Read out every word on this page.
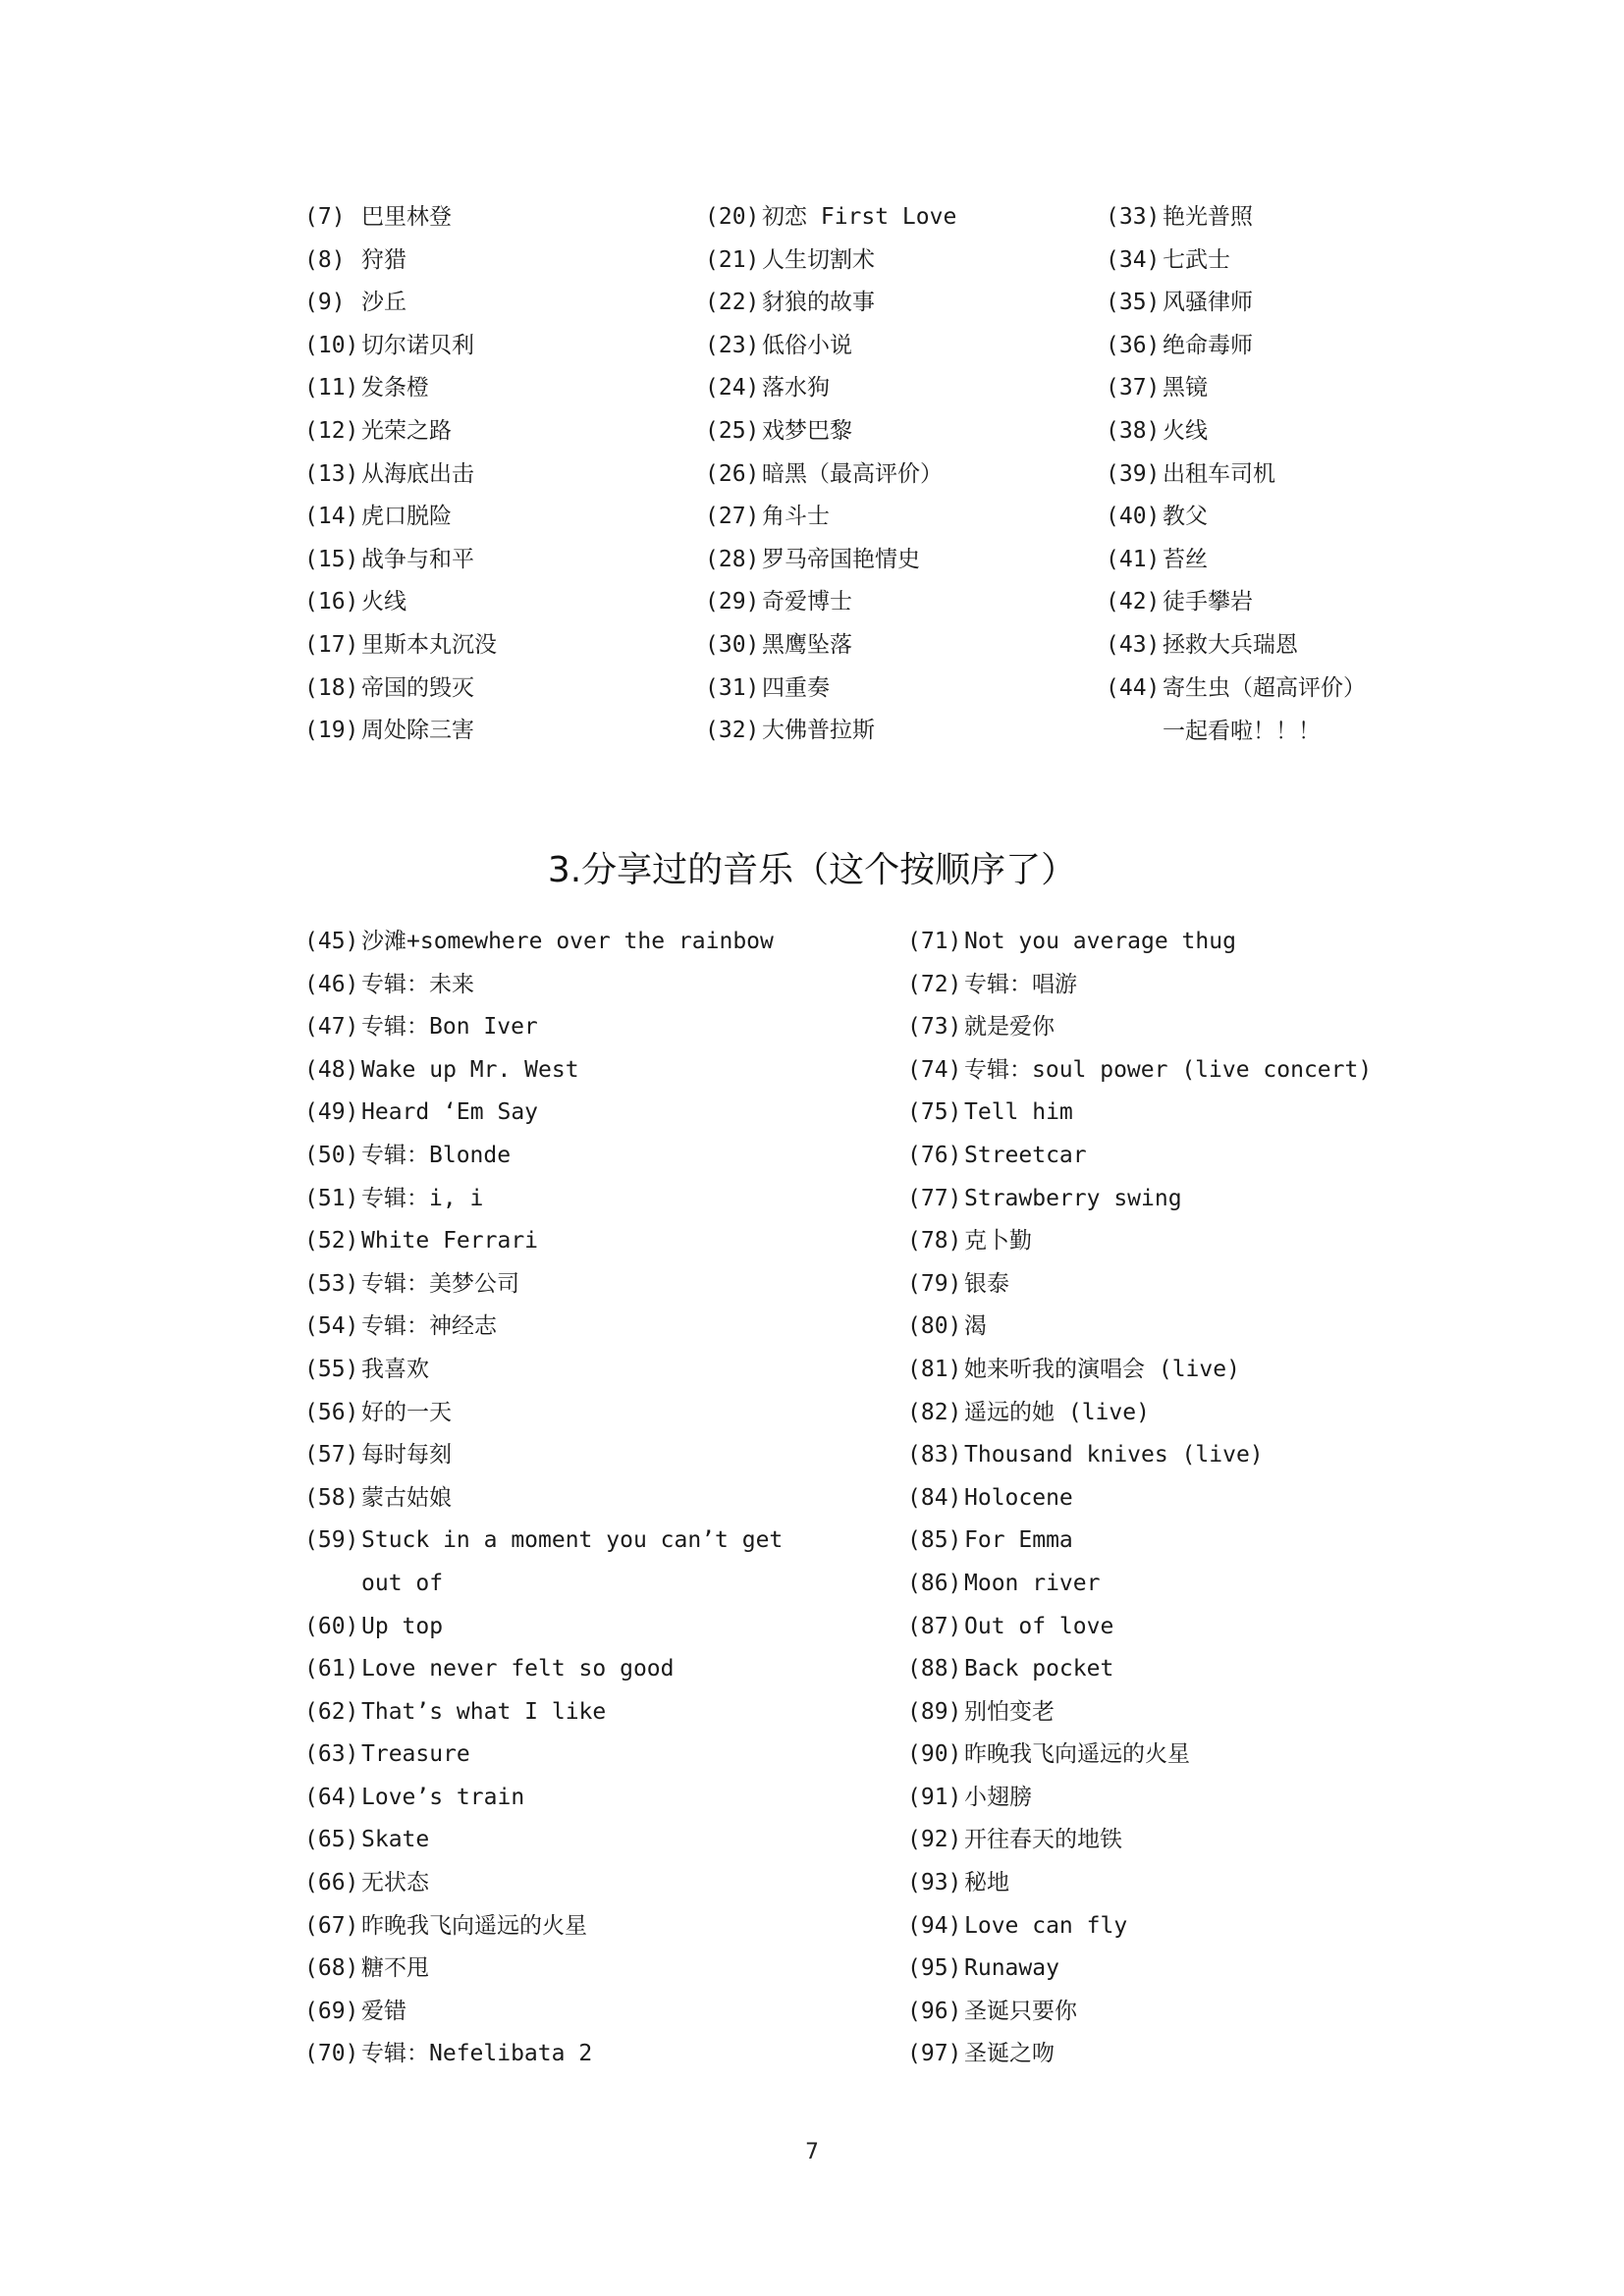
(7) 巴里林登
(8) 狩猎
(9) 沙丘
(10) 切尔诺贝利
(11) 发条橙
(12) 光荣之路
(13) 从海底出击
(14) 虎口脱险
(15) 战争与和平
(16) 火线
(17) 里斯本丸沉没
(18) 帝国的毁灭
(19) 周处除三害
(20) 初恋 First Love
(21) 人生切割术
(22) 豺狼的故事
(23) 低俗小说
(24) 落水狗
(25) 戏梦巴黎
(26) 暗黑（最高评价）
(27) 角斗士
(28) 罗马帝国艳情史
(29) 奇爱博士
(30) 黑鹰坠落
(31) 四重奏
(32) 大佛普拉斯
(33) 艳光普照
(34) 七武士
(35) 风骚律师
(36) 绝命毒师
(37) 黑镜
(38) 火线
(39) 出租车司机
(40) 教父
(41) 苔丝
(42) 徒手攀岩
(43) 拯救大兵瑞恩
(44) 寄生虫（超高评价）
一起看啦！！！
3.分享过的音乐（这个按顺序了）
(45) 沙滩+somewhere over the rainbow
(46) 专辑：未来
(47) 专辑：Bon Iver
(48) Wake up Mr. West
(49) Heard ‘Em Say
(50) 专辑：Blonde
(51) 专辑：i, i
(52) White Ferrari
(53) 专辑：美梦公司
(54) 专辑：神经志
(55) 我喜欢
(56) 好的一天
(57) 每时每刻
(58) 蒙古姑娘
(59) Stuck in a moment you can’t get out of
(60) Up top
(61) Love never felt so good
(62) That’s what I like
(63) Treasure
(64) Love’s train
(65) Skate
(66) 无状态
(67) 昨晚我飞向遥远的火星
(68) 糖不甩
(69) 爱错
(70) 专辑：Nefelibata 2
(71) Not you average thug
(72) 专辑：唱游
(73) 就是爱你
(74) 专辑：soul power (live concert)
(75) Tell him
(76) Streetcar
(77) Strawberry swing
(78) 克卜勤
(79) 银泰
(80) 渴
(81) 她来听我的演唱会 (live)
(82) 遥远的她 (live)
(83) Thousand knives (live)
(84) Holocene
(85) For Emma
(86) Moon river
(87) Out of love
(88) Back pocket
(89) 别怕变老
(90) 昨晚我飞向遥远的火星
(91) 小翅膀
(92) 开往春天的地铁
(93) 秘地
(94) Love can fly
(95) Runaway
(96) 圣诞只要你
(97) 圣诞之吻
7
